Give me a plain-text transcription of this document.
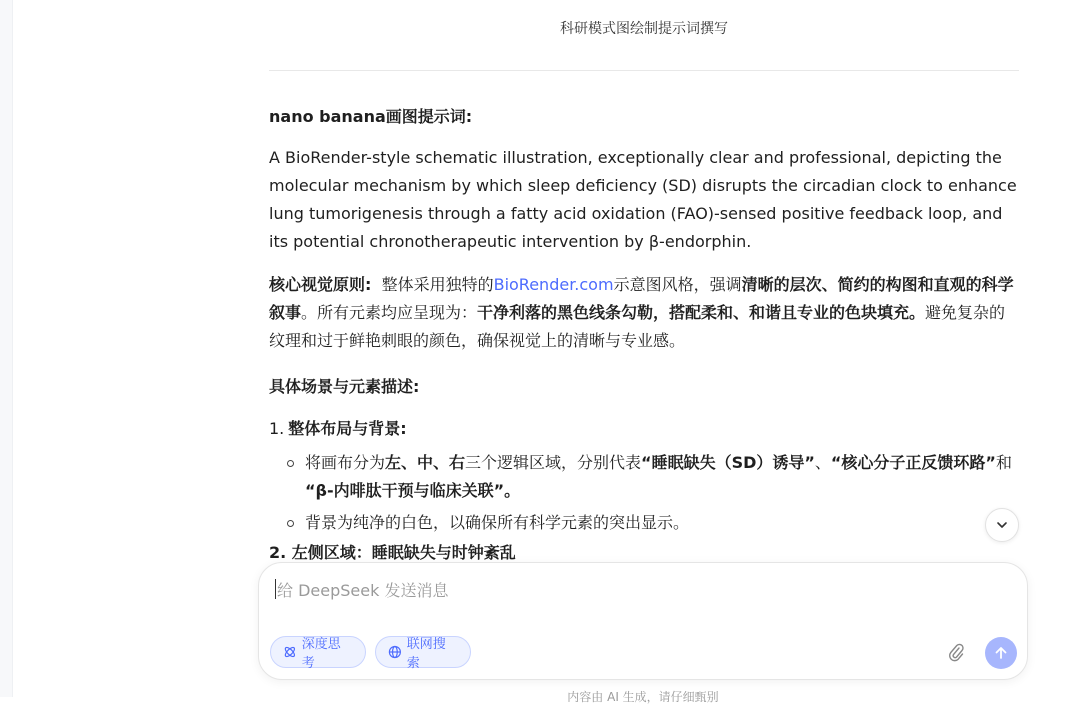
科研模式图绘制提示词撰写

nano banana画图提示词:

A BioRender-style schematic illustration, exceptionally clear and professional, depicting the molecular mechanism by which sleep deficiency (SD) disrupts the circadian clock to enhance lung tumorigenesis through a fatty acid oxidation (FAO)-sensed positive feedback loop, and its potential chronotherapeutic intervention by β-endorphin.

核心视觉原则: 整体采用独特的BioRender.com示意图风格，强调清晰的层次、简约的构图和直观的科学叙事。所有元素均应呈现为：干净利落的黑色线条勾勒，搭配柔和、和谐且专业的色块填充。避免复杂的纹理和过于鲜艳刺眼的颜色，确保视觉上的清晰与专业感。

具体场景与元素描述:

1. 整体布局与背景:

将画布分为左、中、右三个逻辑区域，分别代表“睡眠缺失（SD）诱导”、“核心分子正反馈环路”和
“β-内啡肽干预与临床关联”。
背景为纯净的白色，以确保所有科学元素的突出显示。

2. 左侧区域：睡眠缺失与时钟紊乱

给 DeepSeek 发送消息
深度思考
联网搜索
内容由 AI 生成，请仔细甄别
